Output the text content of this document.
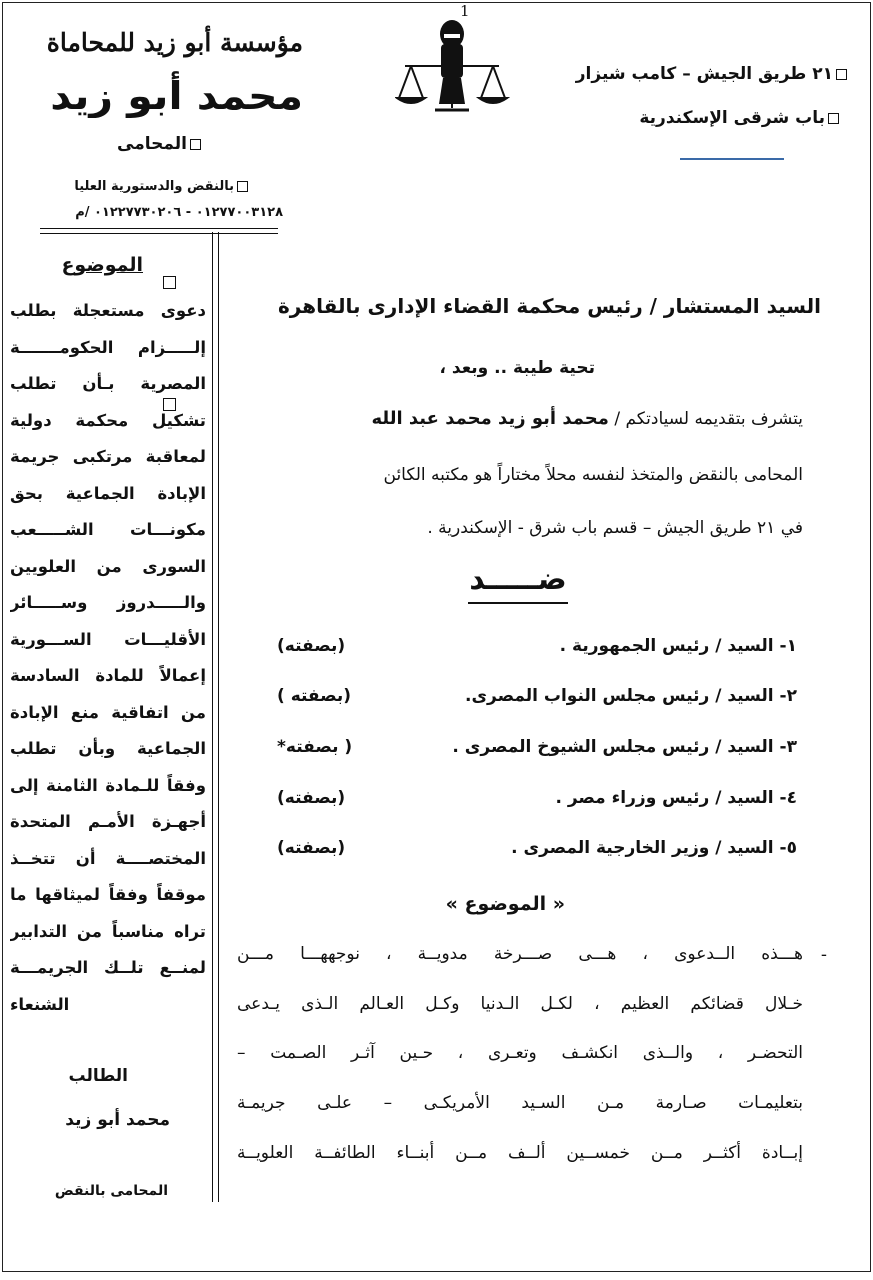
1
مؤسسة أبو زيد للمحاماة
محمد أبو زيد
المحامى
بالنقض والدستورية العليا
م/ ٠١٢٢٧٧٣٠٢٠٦ - ٠١٢٧٧٠٠٣١٢٨
٢١ طريق الجيش – كامب شيزار
باب شرقى الإسكندرية
الموضوع
دعوى مستعجلة بطلب
إلـــــزام الحكومـــــــة
المصرية بـأن تطلب
تشكيل محكمة دولية
لمعاقبة مرتكبى جريمة
الإبادة الجماعية بحق
مكونـــات الشـــــعب
السورى من العلويين
والـــــدروز وســـــائر
الأقليـــات الســـورية
إعمالاً للمادة السادسة
من اتفاقية منع الإبادة
الجماعية وبأن تطلب
وفقاً للـمادة الثامنة إلى
أجهـزة الأمـم المتحدة
المختصــــة أن تتخــذ
موقفاً وفقاً لميثاقها ما
تراه مناسباً من التدابير
لمنــع تلــك الجريمـــة
الشنعاء
الطالب
محمد أبو زيد
المحامى بالنقض
السيد المستشار / رئيس محكمة القضاء الإدارى بالقاهرة
تحية طيبة .. وبعد ،
يتشرف بتقديمه لسيادتكم / محمد أبو زيد محمد عبد الله
المحامى بالنقض والمتخذ لنفسه محلاً مختاراً هو مكتبه الكائن
في ٢١ طريق الجيش – قسم باب شرق - الإسكندرية .
ضـــــد
١- السيد / رئيس الجمهورية .
(بصفته)
٢- السيد / رئيس مجلس النواب المصرى.
(بصفته )
٣- السيد / رئيس مجلس الشيوخ المصرى .
( بصفته*
٤- السيد / رئيس وزراء مصر .
(بصفته)
٥- السيد / وزير الخارجية المصرى .
(بصفته)
« الموضوع »
-
هـــذه الــدعوى ، هـــى صـــرخة مدويــة ، نوجههـــا مـــن
خـلال قضائكم العظيم ، لكـل الـدنيا وكـل العـالم الـذى يـدعى
التحضـر ، والــذى انكشـف وتعـرى ، حـين آثـر الصـمت –
بتعليمـات صـارمة مـن السـيد الأمريكـى – علـى جريمـة
إبــادة أكثــر مــن خمســين ألــف مــن أبنــاء الطائفــة العلويــة
